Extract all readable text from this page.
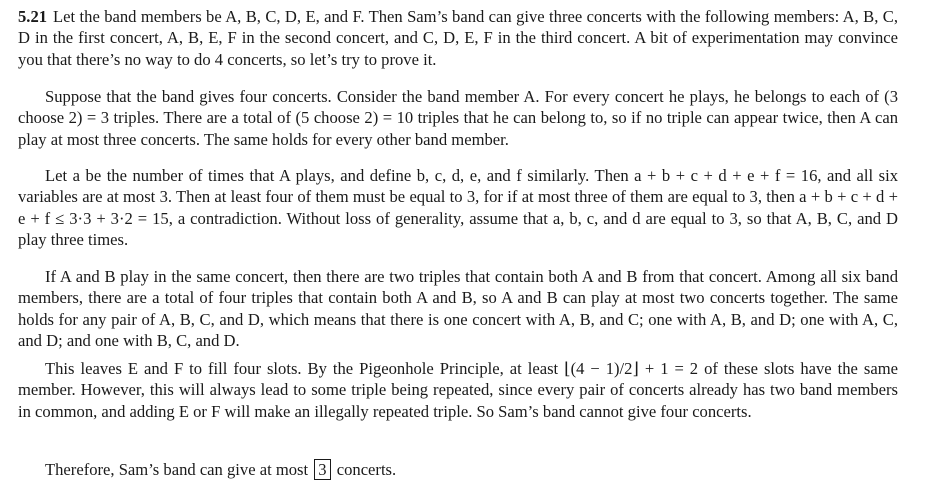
5.21 Let the band members be A, B, C, D, E, and F. Then Sam’s band can give three concerts with the following members: A, B, C, D in the first concert, A, B, E, F in the second concert, and C, D, E, F in the third concert. A bit of experimentation may convince you that there’s no way to do 4 concerts, so let’s try to prove it.

Suppose that the band gives four concerts. Consider the band member A. For every concert he plays, he belongs to each of (3 choose 2) = 3 triples. There are a total of (5 choose 2) = 10 triples that he can belong to, so if no triple can appear twice, then A can play at most three concerts. The same holds for every other band member.

Let a be the number of times that A plays, and define b, c, d, e, and f similarly. Then a + b + c + d + e + f = 16, and all six variables are at most 3. Then at least four of them must be equal to 3, for if at most three of them are equal to 3, then a + b + c + d + e + f ≤ 3·3 + 3·2 = 15, a contradiction. Without loss of generality, assume that a, b, c, and d are equal to 3, so that A, B, C, and D play three times.

If A and B play in the same concert, then there are two triples that contain both A and B from that concert. Among all six band members, there are a total of four triples that contain both A and B, so A and B can play at most two concerts together. The same holds for any pair of A, B, C, and D, which means that there is one concert with A, B, and C; one with A, B, and D; one with A, C, and D; and one with B, C, and D.

This leaves E and F to fill four slots. By the Pigeonhole Principle, at least ⌊(4 − 1)/2⌋ + 1 = 2 of these slots have the same member. However, this will always lead to some triple being repeated, since every pair of concerts already has two band members in common, and adding E or F will make an illegally repeated triple. So Sam’s band cannot give four concerts.

Therefore, Sam’s band can give at most 3 concerts.
